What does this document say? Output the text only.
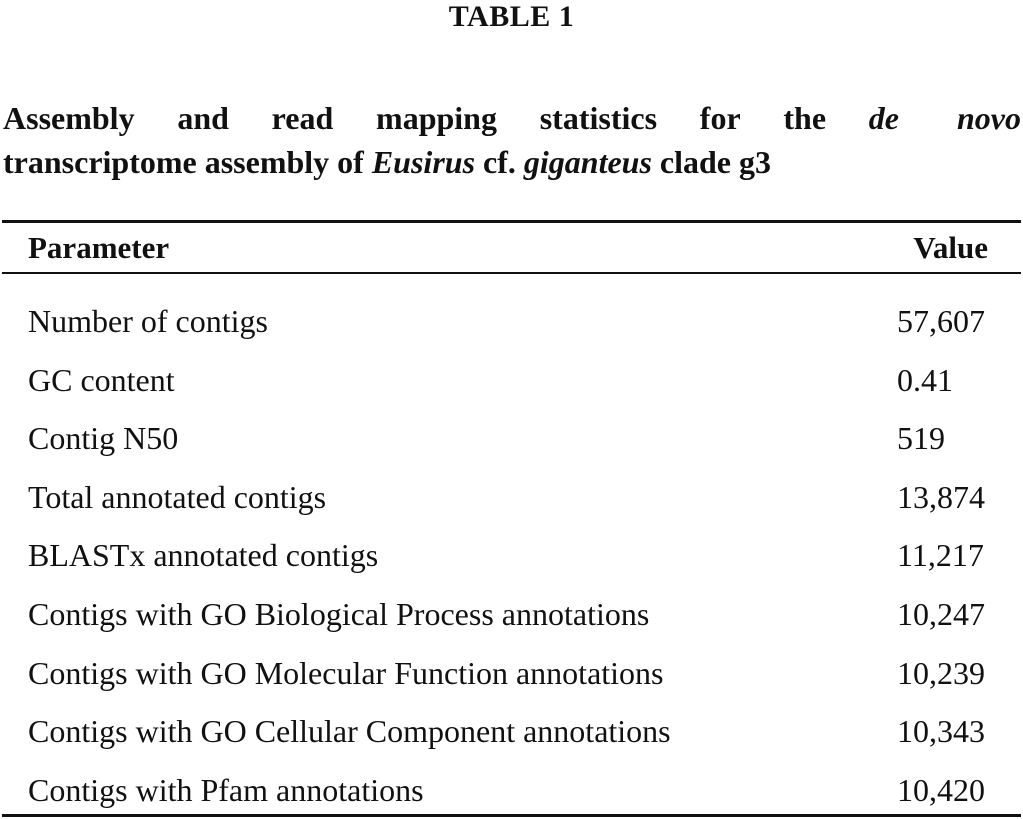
TABLE 1
Assembly and read mapping statistics for the de novo
transcriptome assembly of Eusirus cf. giganteus clade g3
Parameter	Value
Number of contigs	57,607
GC content	0.41
Contig N50	519
Total annotated contigs	13,874
BLASTx annotated contigs	11,217
Contigs with GO Biological Process annotations	10,247
Contigs with GO Molecular Function annotations	10,239
Contigs with GO Cellular Component annotations	10,343
Contigs with Pfam annotations	10,420
